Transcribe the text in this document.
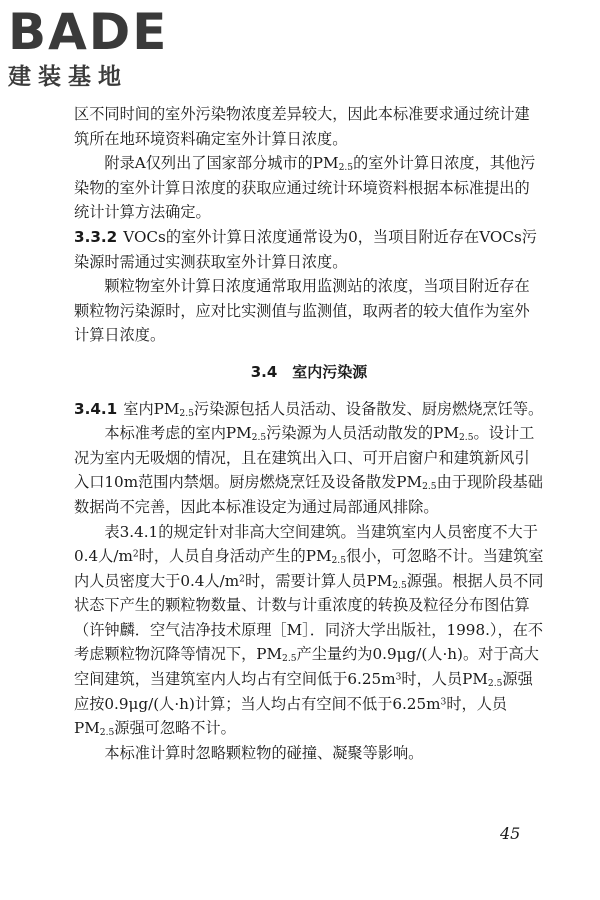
BADE
建装基地

区不同时间的室外污染物浓度差异较大，因此本标准要求通过统计建筑所在地环境资料确定室外计算日浓度。

附录A仅列出了国家部分城市的$PM_{2.5}$的室外计算日浓度，其他污染物的室外计算日浓度的获取应通过统计环境资料根据本标准提出的统计计算方法确定。

3.3.2 VOCs的室外计算日浓度通常设为0，当项目附近存在VOCs污染源时需通过实测获取室外计算日浓度。

颗粒物室外计算日浓度通常取用监测站的浓度，当项目附近存在颗粒物污染源时，应对比实测值与监测值，取两者的较大值作为室外计算日浓度。

3.4　室内污染源

3.4.1 室内$PM_{2.5}$污染源包括人员活动、设备散发、厨房燃烧烹饪等。

本标准考虑的室内$PM_{2.5}$污染源为人员活动散发的$PM_{2.5}$。设计工况为室内无吸烟的情况，且在建筑出入口、可开启窗户和建筑新风引入口10m范围内禁烟。厨房燃烧烹饪及设备散发$PM_{2.5}$由于现阶段基础数据尚不完善，因此本标准设定为通过局部通风排除。

表3.4.1的规定针对非高大空间建筑。当建筑室内人员密度不大于0.4人$/m^2$时，人员自身活动产生的$PM_{2.5}$很小，可忽略不计。当建筑室内人员密度大于0.4人$/m^2$时，需要计算人员$PM_{2.5}$源强。根据人员不同状态下产生的颗粒物数量、计数与计重浓度的转换及粒径分布图估算（许钟麟．空气洁净技术原理［M］．同济大学出版社，1998.），在不考虑颗粒物沉降等情况下，$PM_{2.5}$产尘量约为0.9μg/(人·h)。对于高大空间建筑，当建筑室内人均占有空间低于$6.25m^3$时，人员$PM_{2.5}$源强应按0.9μg/(人·h)计算；当人均占有空间不低于$6.25m^3$时，人员$PM_{2.5}$源强可忽略不计。

本标准计算时忽略颗粒物的碰撞、凝聚等影响。

45
